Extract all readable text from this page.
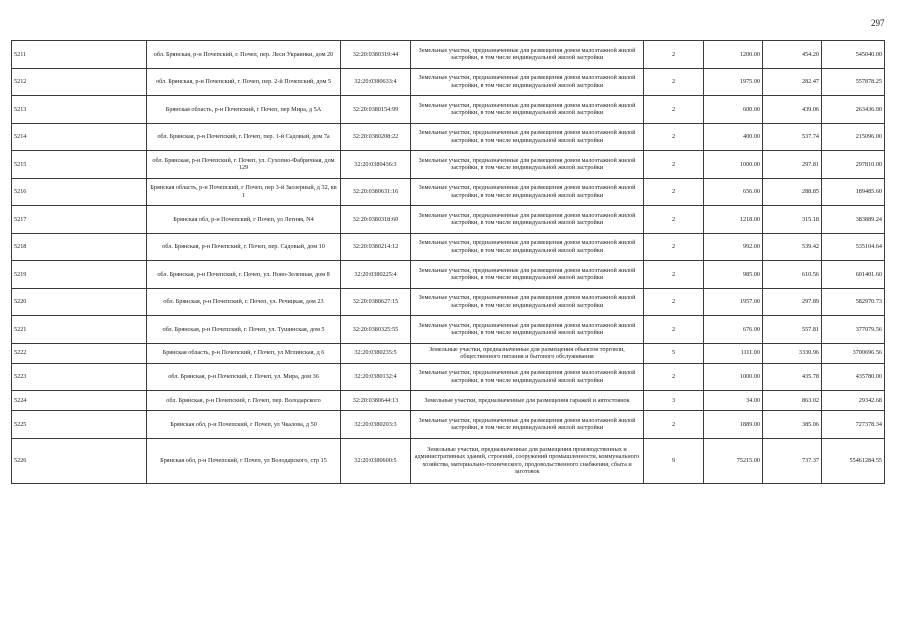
297
5211	обл. Брянская, р-н Почепский, г. Почеп, пер. Леси Украинки, дом 20	32:20:0380319:44	Земельные участки, предназначенные для размещения домов малоэтажной жилой застройки, в том числе индивидуальной жилой застройки	2	1200.00	454.20	545040.00
5212	обл. Брянская, р-н Почепский, г. Почеп, пер. 2-й Почепский, дом 5	32:20:0380633:4	Земельные участки, предназначенные для размещения домов малоэтажной жилой застройки, в том числе индивидуальной жилой застройки	2	1975.00	282.47	557878.25
5213	Брянская область, р-н Почепский, г Почеп, пер Мира, д 5А	32:20:0380154:99	Земельные участки, предназначенные для размещения домов малоэтажной жилой застройки, в том числе индивидуальной жилой застройки	2	600.00	439.06	263436.00
5214	обл. Брянская, р-н Почепский, г. Почеп, пер. 1-й Садовый, дом 7а	32:20:0380208:22	Земельные участки, предназначенные для размещения домов малоэтажной жилой застройки, в том числе индивидуальной жилой застройки	2	400.00	537.74	215096.00
5215	обл. Брянская, р-н Почепский, г. Почеп, ул. Сухопно-Фабричная, дом 129	32:20:0380436:3	Земельные участки, предназначенные для размещения домов малоэтажной жилой застройки, в том числе индивидуальной жилой застройки	2	1000.00	297.81	297810.00
5216	Брянская область, р-н Почепский, г Почеп, пер 3-й Заозерный, д 32, кв 1	32:20:0380631:16	Земельные участки, предназначенные для размещения домов малоэтажной жилой застройки, в том числе индивидуальной жилой застройки	2	656.00	288.85	189485.60
5217	Брянская обл, р-н Почепский, г Почеп, ул Летняя, N4	32:20:0380318:60	Земельные участки, предназначенные для размещения домов малоэтажной жилой застройки, в том числе индивидуальной жилой застройки	2	1218.00	315.18	383889.24
5218	обл. Брянская, р-н Почепский, г. Почеп, пер. Садовый, дом 10	32:20:0380214:12	Земельные участки, предназначенные для размещения домов малоэтажной жилой застройки, в том числе индивидуальной жилой застройки	2	992.00	539.42	535104.64
5219	обл. Брянская, р-н Почепский, г. Почеп, ул. Ново-Зеленная, дом 8	32:20:0380225:4	Земельные участки, предназначенные для размещения домов малоэтажной жилой застройки, в том числе индивидуальной жилой застройки	2	985.00	610.56	601401.60
5220	обл. Брянская, р-н Почепский, г. Почеп, ул. Речицкая, дом 23	32:20:0380627:15	Земельные участки, предназначенные для размещения домов малоэтажной жилой застройки, в том числе индивидуальной жилой застройки	2	1957.00	297.89	582970.73
5221	обл. Брянская, р-н Почепский, г. Почеп, ул. Тушинская, дом 5	32:20:0380325:55	Земельные участки, предназначенные для размещения домов малоэтажной жилой застройки, в том числе индивидуальной жилой застройки	2	676.00	557.81	377079.56
5222	Брянская область, р-н Почепский, г Почеп, ул Мглинская, д 6	32:20:0380235:5	Земельные участки, предназначенные для размещения объектов торговли, общественного питания и бытового обслуживания	5	1111.00	3330.96	3700696.56
5223	обл. Брянская, р-н Почепский, г. Почеп, ул. Мира, дом 36	32:20:0380132:4	Земельные участки, предназначенные для размещения домов малоэтажной жилой застройки, в том числе индивидуальной жилой застройки	2	1000.00	435.78	435780.00
5224	обл. Брянская, р-н Почепский, г. Почеп, пер. Володарского	32:20:0380644:13	Земельные участки, предназначенные для размещения гаражей и автостоянок	3	34.00	863.02	29342.68
5225	Брянская обл, р-н Почепский, г Почеп, ул Чкалова, д 50	32:20:0380203:3	Земельные участки, предназначенные для размещения домов малоэтажной жилой застройки, в том числе индивидуальной жилой застройки	2	1889.00	385.06	727378.34
5226	Брянская обл, р-н Почепский, г Почеп, ул Володарского, стр 15	32:20:0380600:5	Земельные участки, предназначенные для размещения производственных и административных зданий, строений, сооружений промышленности, коммунального хозяйства, материально-технического, продовольственного снабжения, сбыта и заготовок	9	75215.00	737.37	55461284.55
